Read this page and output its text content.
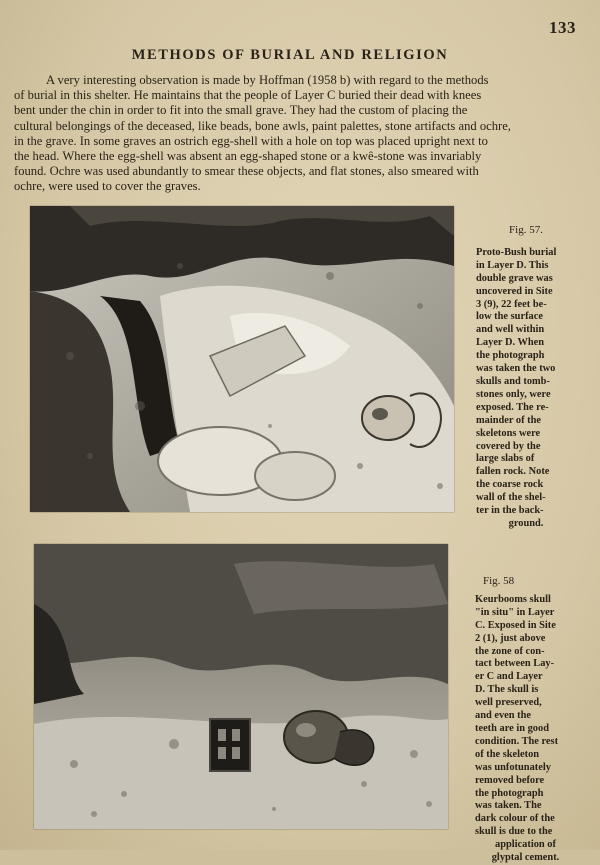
133
METHODS OF BURIAL AND RELIGION
A very interesting observation is made by Hoffman (1958 b) with regard to the methods
of burial in this shelter. He maintains that the people of Layer C buried their dead with knees
bent under the chin in order to fit into the small grave. They had the custom of placing the
cultural belongings of the deceased, like beads, bone awls, paint palettes, stone artifacts and ochre,
in the grave. In some graves an ostrich egg-shell with a hole on top was placed upright next to
the head. Where the egg-shell was absent an egg-shaped stone or a kwê-stone was invariably
found. Ochre was used abundantly to smear these objects, and flat stones, also smeared with
ochre, were used to cover the graves.
Fig. 57.
Proto-Bush burial
in Layer D. This
double grave was
uncovered in Site
3 (9), 22 feet be-
low the surface
and well within
Layer D. When
the photograph
was taken the two
skulls and tomb-
stones only, were
exposed. The re-
mainder of the
skeletons were
covered by the
large slabs of
fallen rock. Note
the coarse rock
wall of the shel-
ter in the back-
ground.
Fig. 58
Keurbooms skull
"in situ" in Layer
C. Exposed in Site
2 (1), just above
the zone of con-
tact between Lay-
er C and Layer
D. The skull is
well preserved,
and even the
teeth are in good
condition. The rest
of the skeleton
was unfotunately
removed before
the photograph
was taken. The
dark colour of the
skull is due to the
application of
glyptal cement.
